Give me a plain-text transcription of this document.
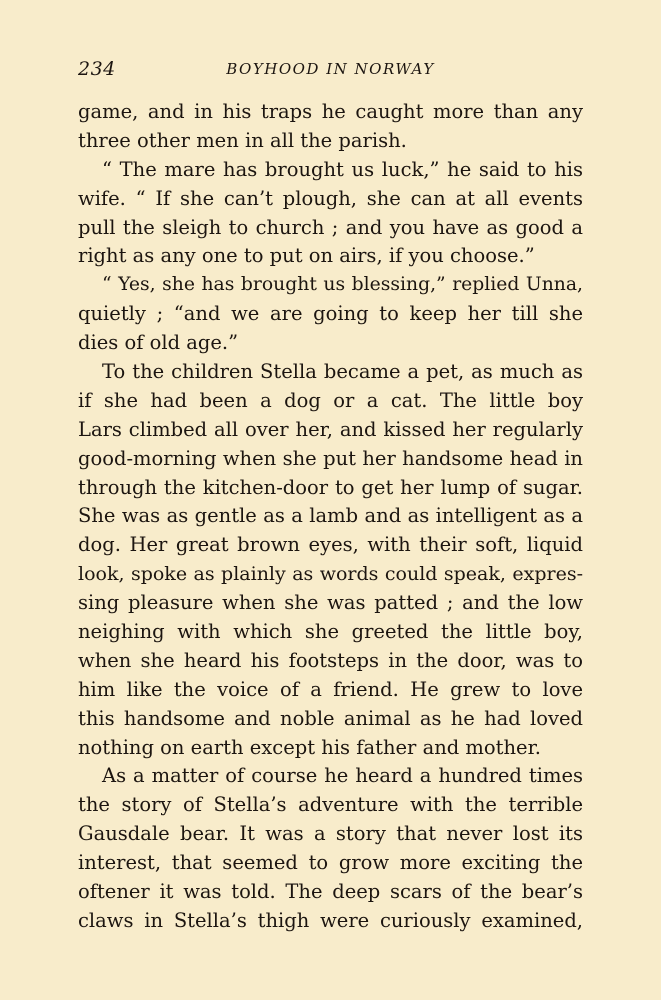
234	BOYHOOD IN NORWAY
game, and in his traps he caught more than any
three other men in all the parish.
“ The mare has brought us luck,” he said to his
wife. “ If she can’t plough, she can at all events
pull the sleigh to church ; and you have as good a
right as any one to put on airs, if you choose.”
“ Yes, she has brought us blessing,” replied Unna,
quietly ; “and we are going to keep her till she
dies of old age.”
To the children Stella became a pet, as much as
if she had been a dog or a cat. The little boy
Lars climbed all over her, and kissed her regularly
good-morning when she put her handsome head in
through the kitchen-door to get her lump of sugar.
She was as gentle as a lamb and as intelligent as a
dog. Her great brown eyes, with their soft, liquid
look, spoke as plainly as words could speak, expres-
sing pleasure when she was patted ; and the low
neighing with which she greeted the little boy,
when she heard his footsteps in the door, was to
him like the voice of a friend. He grew to love
this handsome and noble animal as he had loved
nothing on earth except his father and mother.
As a matter of course he heard a hundred times
the story of Stella’s adventure with the terrible
Gausdale bear. It was a story that never lost its
interest, that seemed to grow more exciting the
oftener it was told. The deep scars of the bear’s
claws in Stella’s thigh were curiously examined,
